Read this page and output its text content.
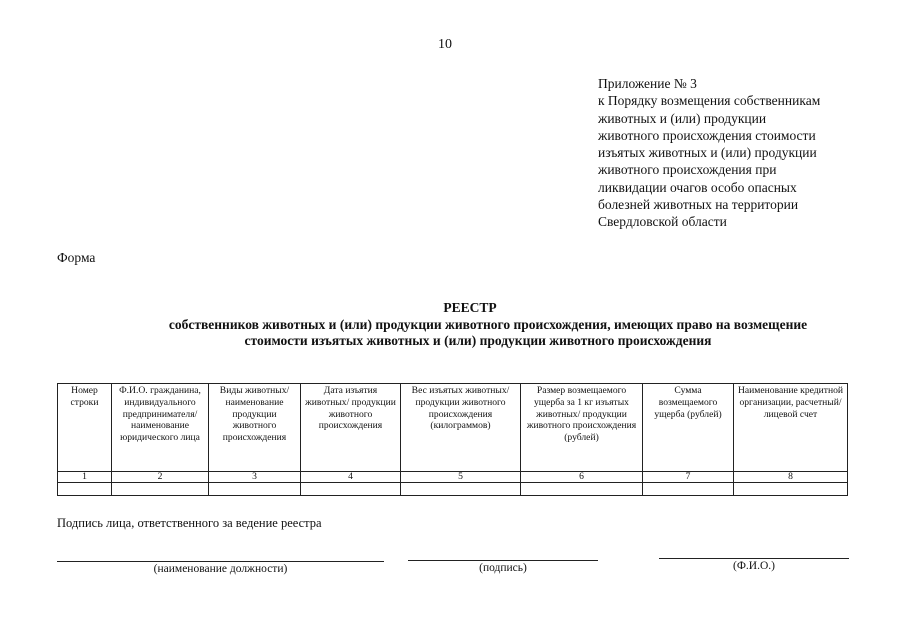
10
Приложение № 3
к Порядку возмещения собственникам
животных и (или) продукции
животного происхождения стоимости
изъятых животных и (или) продукции
животного происхождения при
ликвидации очагов особо опасных
болезней животных на территории
Свердловской области
Форма
РЕЕСТР
собственников животных и (или) продукции животного происхождения, имеющих право на возмещение
стоимости изъятых животных и (или) продукции животного происхождения
Номер строки	Ф.И.О. гражданина, индивидуального предпринимателя/ наименование юридического лица	Виды животных/ наименование продукции животного происхождения	Дата изъятия животных/ продукции животного происхождения	Вес изъятых животных/продукции животного происхождения (килограммов)	Размер возмещаемого ущерба за 1 кг изъятых животных/ продукции животного происхождения (рублей)	Сумма возмещаемого ущерба (рублей)	Наименование кредитной организации, расчетный/лицевой счет
1	2	3	4	5	6	7	8

Подпись лица, ответственного за ведение реестра
(наименование должности)	(подпись)	(Ф.И.О.)
